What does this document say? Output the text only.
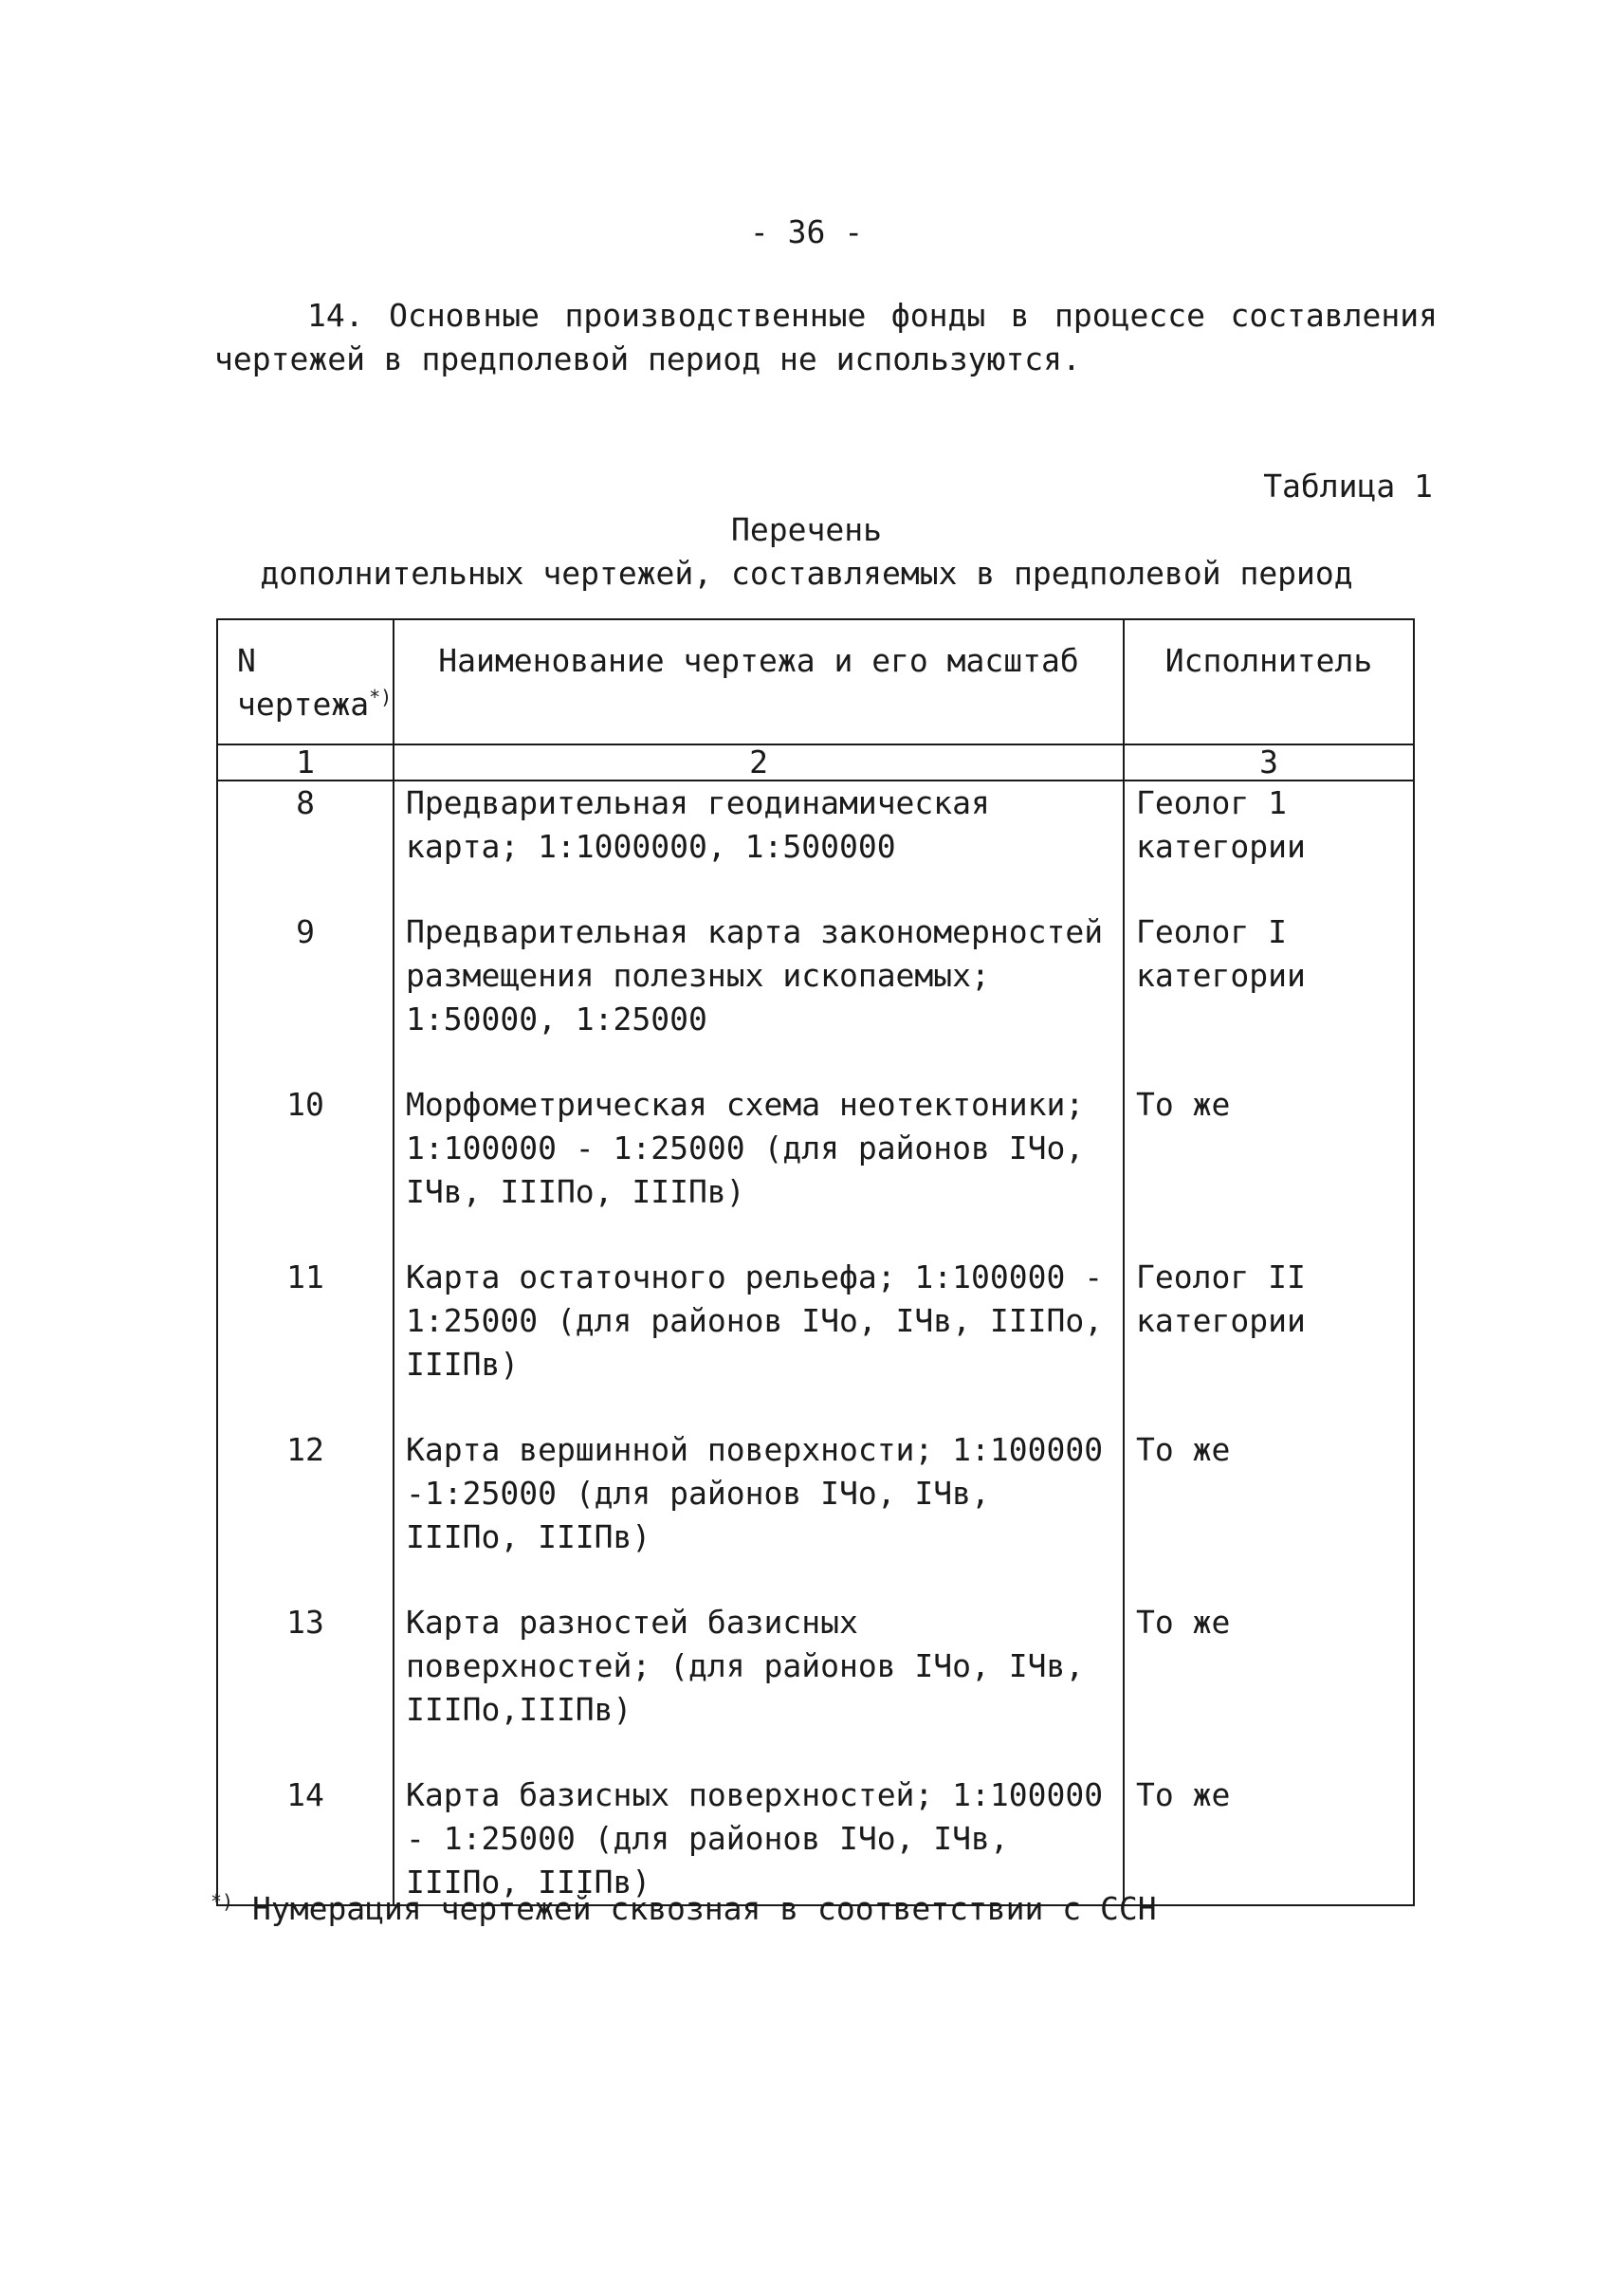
- 36 -
14. Основные производственные фонды в процессе составления
чертежей в предполевой период не используются.
Таблица 1
Перечень
дополнительных чертежей, составляемых в предполевой период
N чертежа*)	Наименование чертежа и его масштаб	Исполнитель
1	2	3
8	Предварительная геодинамическая карта; 1:1000000, 1:500000	Геолог 1 категории
9	Предварительная карта закономерностей размещения полезных ископаемых; 1:50000, 1:25000	Геолог I категории
10	Морфометрическая схема неотектоники; 1:100000 - 1:25000 (для районов IЧо, IЧв, IIIПо, IIIПв)	То же
11	Карта остаточного рельефа; 1:100000 - 1:25000 (для районов IЧо, IЧв, IIIПо, IIIПв)	Геолог II категории
12	Карта вершинной поверхности; 1:100000 -1:25000 (для районов IЧо, IЧв, IIIПо, IIIПв)	То же
13	Карта разностей базисных поверхностей; (для районов IЧо, IЧв, IIIПо,IIIПв)	То же
14	Карта базисных поверхностей; 1:100000 - 1:25000 (для районов IЧо, IЧв, IIIПо, IIIПв)	То же
*) Нумерация чертежей сквозная в соответствии с ССН
